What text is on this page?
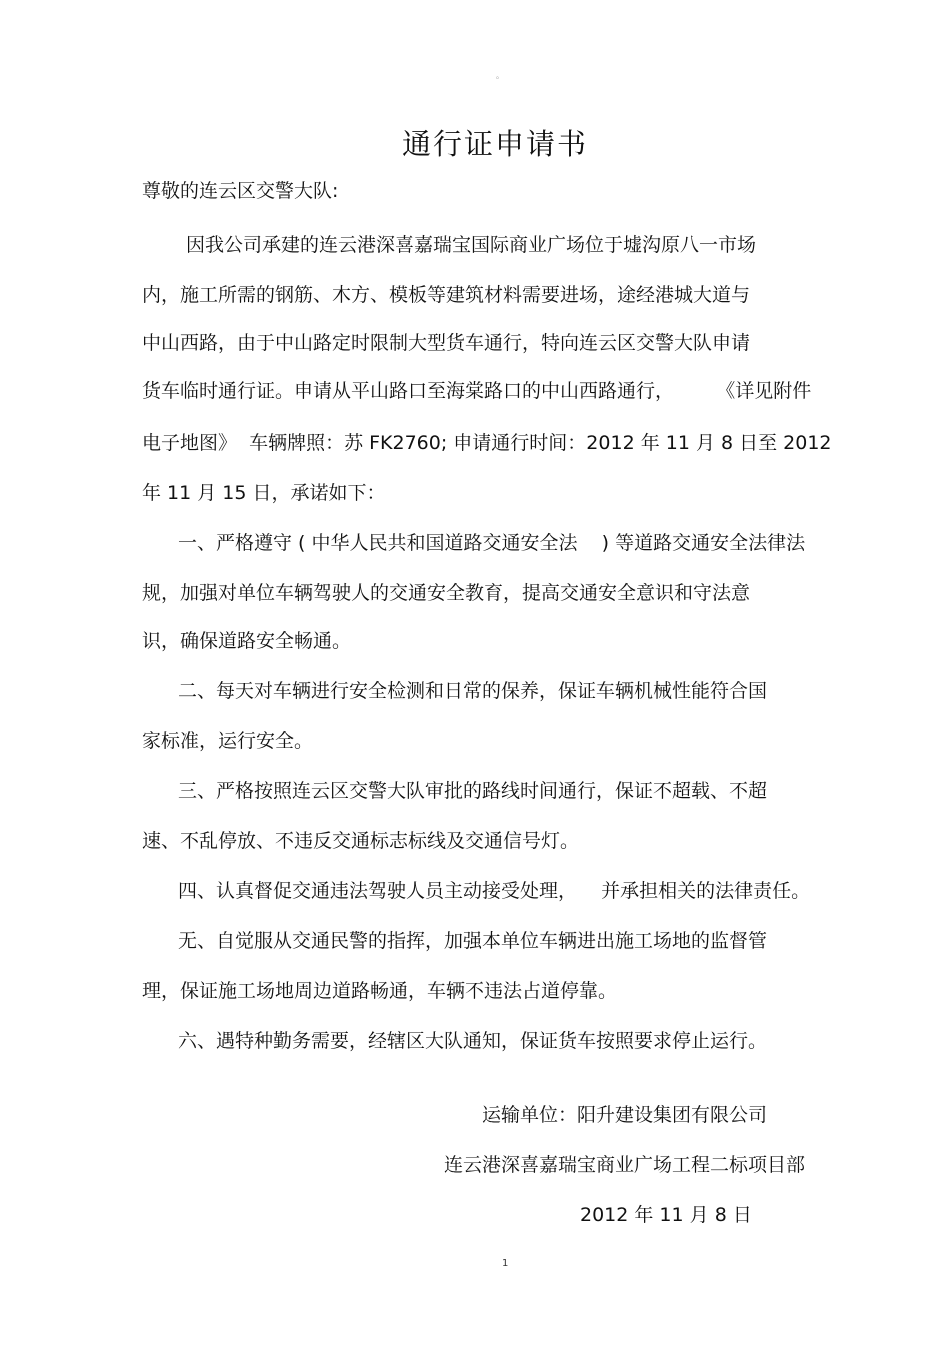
。
通行证申请书
尊敬的连云区交警大队:
因我公司承建的连云港深喜嘉瑞宝国际商业广场位于墟沟原八一市场
内，施工所需的钢筋、木方、模板等建筑材料需要进场，途经港城大道与
中山西路，由于中山路定时限制大型货车通行，特向连云区交警大队申请
货车临时通行证。申请从平山路口至海棠路口的中山西路通行，       《详见附件
电子地图》  车辆牌照：苏 FK2760; 申请通行时间：2012 年 11 月 8 日至 2012
年 11 月 15 日，承诺如下：
一、严格遵守 ( 中华人民共和国道路交通安全法    ) 等道路交通安全法律法
规，加强对单位车辆驾驶人的交通安全教育，提高交通安全意识和守法意
识，确保道路安全畅通。
二、每天对车辆进行安全检测和日常的保养，保证车辆机械性能符合国
家标准，运行安全。
三、严格按照连云区交警大队审批的路线时间通行，保证不超载、不超
速、不乱停放、不违反交通标志标线及交通信号灯。
四、认真督促交通违法驾驶人员主动接受处理，    并承担相关的法律责任。
无、自觉服从交通民警的指挥，加强本单位车辆进出施工场地的监督管
理，保证施工场地周边道路畅通，车辆不违法占道停靠。
六、遇特种勤务需要，经辖区大队通知，保证货车按照要求停止运行。
运输单位：阳升建设集团有限公司
连云港深喜嘉瑞宝商业广场工程二标项目部
2012 年 11 月 8 日
1
